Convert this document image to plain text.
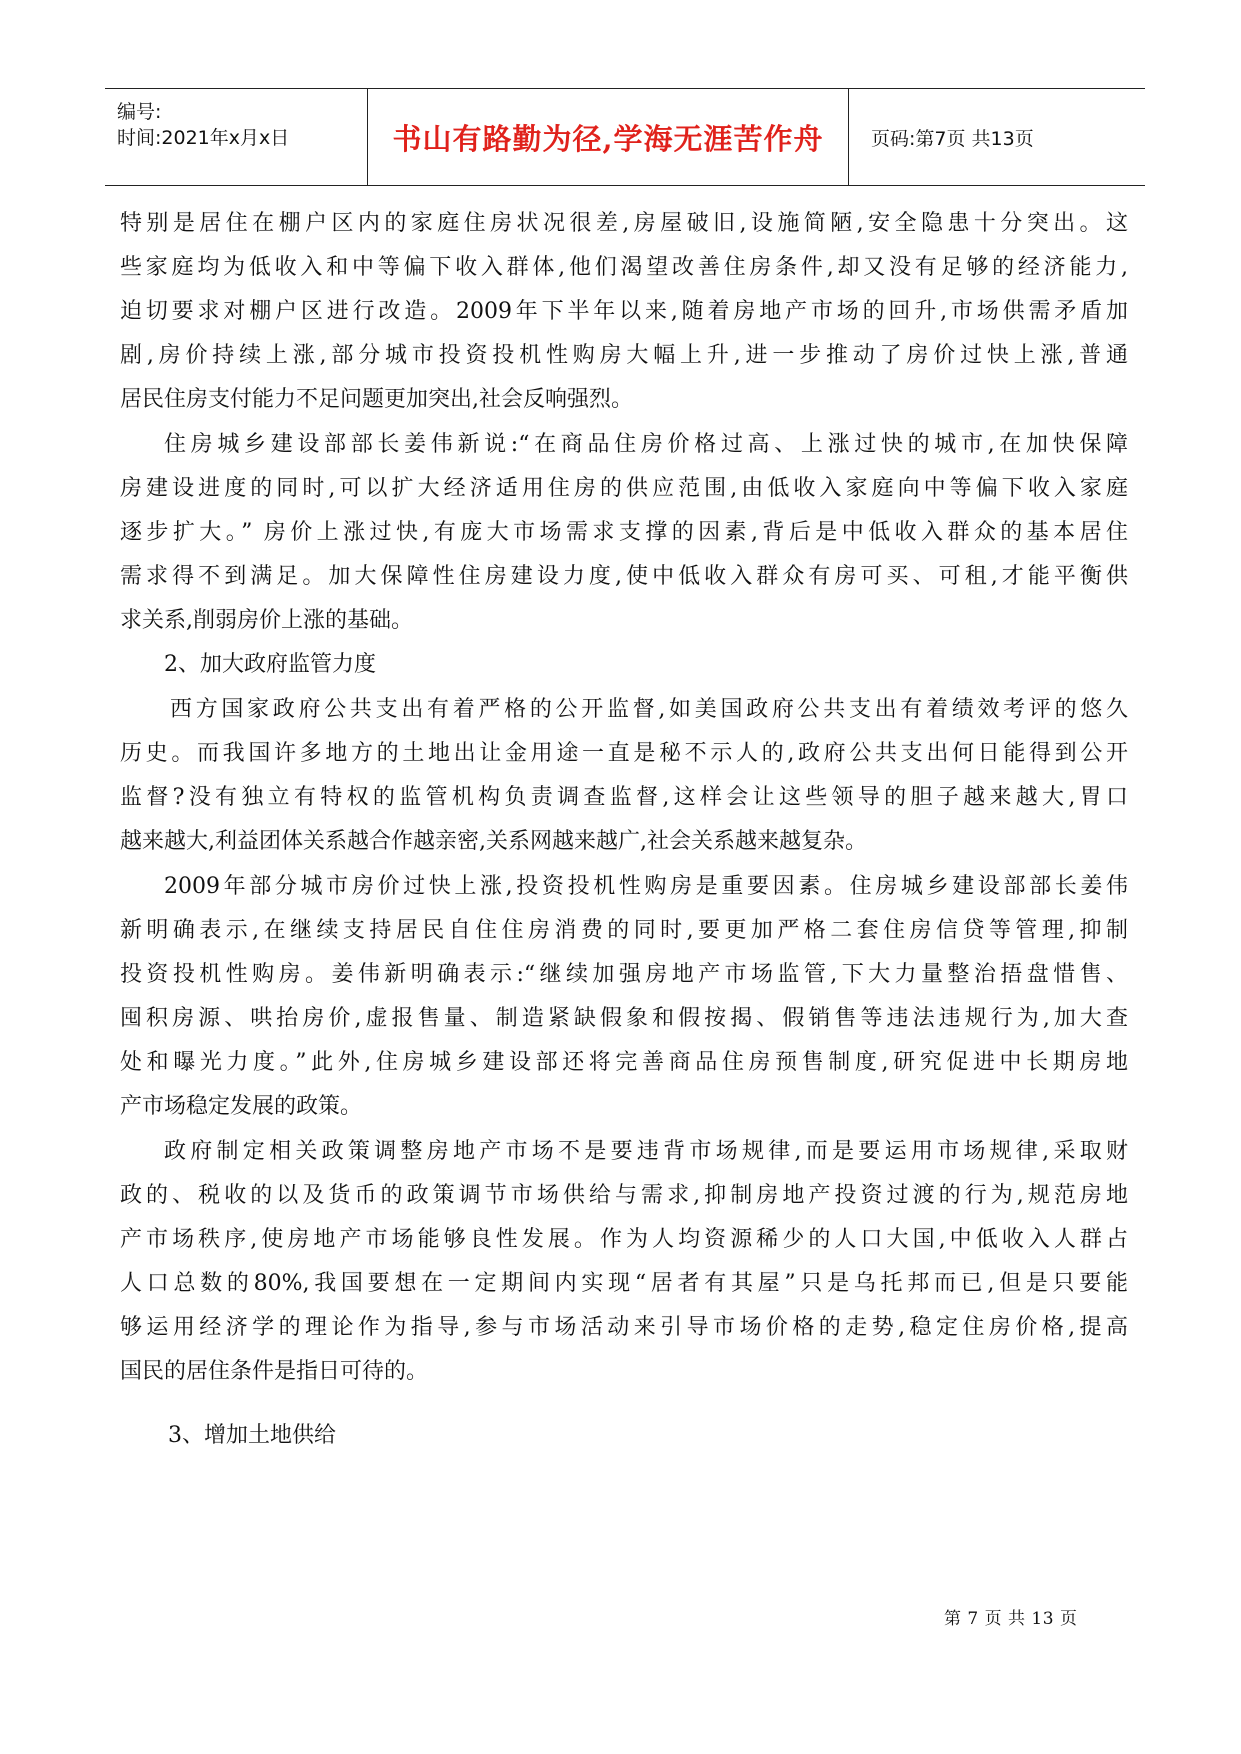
编号:
时间:2021年x月x日	书山有路勤为径,学海无涯苦作舟 页码:第7页 共13页
特别是居住在棚户区内的家庭住房状况很差,房屋破旧,设施简陋,安全隐患十分突出。这
些家庭均为低收入和中等偏下收入群体,他们渴望改善住房条件,却又没有足够的经济能力,
迫切要求对棚户区进行改造。2009年下半年以来,随着房地产市场的回升,市场供需矛盾加
剧,房价持续上涨,部分城市投资投机性购房大幅上升,进一步推动了房价过快上涨,普通
居民住房支付能力不足问题更加突出,社会反响强烈。
住房城乡建设部部长姜伟新说:“在商品住房价格过高、上涨过快的城市,在加快保障
房建设进度的同时,可以扩大经济适用住房的供应范围,由低收入家庭向中等偏下收入家庭
逐步扩大。” 房价上涨过快,有庞大市场需求支撑的因素,背后是中低收入群众的基本居住
需求得不到满足。加大保障性住房建设力度,使中低收入群众有房可买、可租,才能平衡供
求关系,削弱房价上涨的基础。
2、加大政府监管力度
西方国家政府公共支出有着严格的公开监督,如美国政府公共支出有着绩效考评的悠久
历史。而我国许多地方的土地出让金用途一直是秘不示人的,政府公共支出何日能得到公开
监督?没有独立有特权的监管机构负责调查监督,这样会让这些领导的胆子越来越大,胃口
越来越大,利益团体关系越合作越亲密,关系网越来越广,社会关系越来越复杂。
2009年部分城市房价过快上涨,投资投机性购房是重要因素。住房城乡建设部部长姜伟
新明确表示,在继续支持居民自住住房消费的同时,要更加严格二套住房信贷等管理,抑制
投资投机性购房。姜伟新明确表示:“继续加强房地产市场监管,下大力量整治捂盘惜售、
囤积房源、哄抬房价,虚报售量、制造紧缺假象和假按揭、假销售等违法违规行为,加大查
处和曝光力度。”此外,住房城乡建设部还将完善商品住房预售制度,研究促进中长期房地
产市场稳定发展的政策。
政府制定相关政策调整房地产市场不是要违背市场规律,而是要运用市场规律,采取财
政的、税收的以及货币的政策调节市场供给与需求,抑制房地产投资过渡的行为,规范房地
产市场秩序,使房地产市场能够良性发展。作为人均资源稀少的人口大国,中低收入人群占
人口总数的80%,我国要想在一定期间内实现“居者有其屋”只是乌托邦而已,但是只要能
够运用经济学的理论作为指导,参与市场活动来引导市场价格的走势,稳定住房价格,提高
国民的居住条件是指日可待的。
3、增加土地供给
第 7 页 共 13 页
